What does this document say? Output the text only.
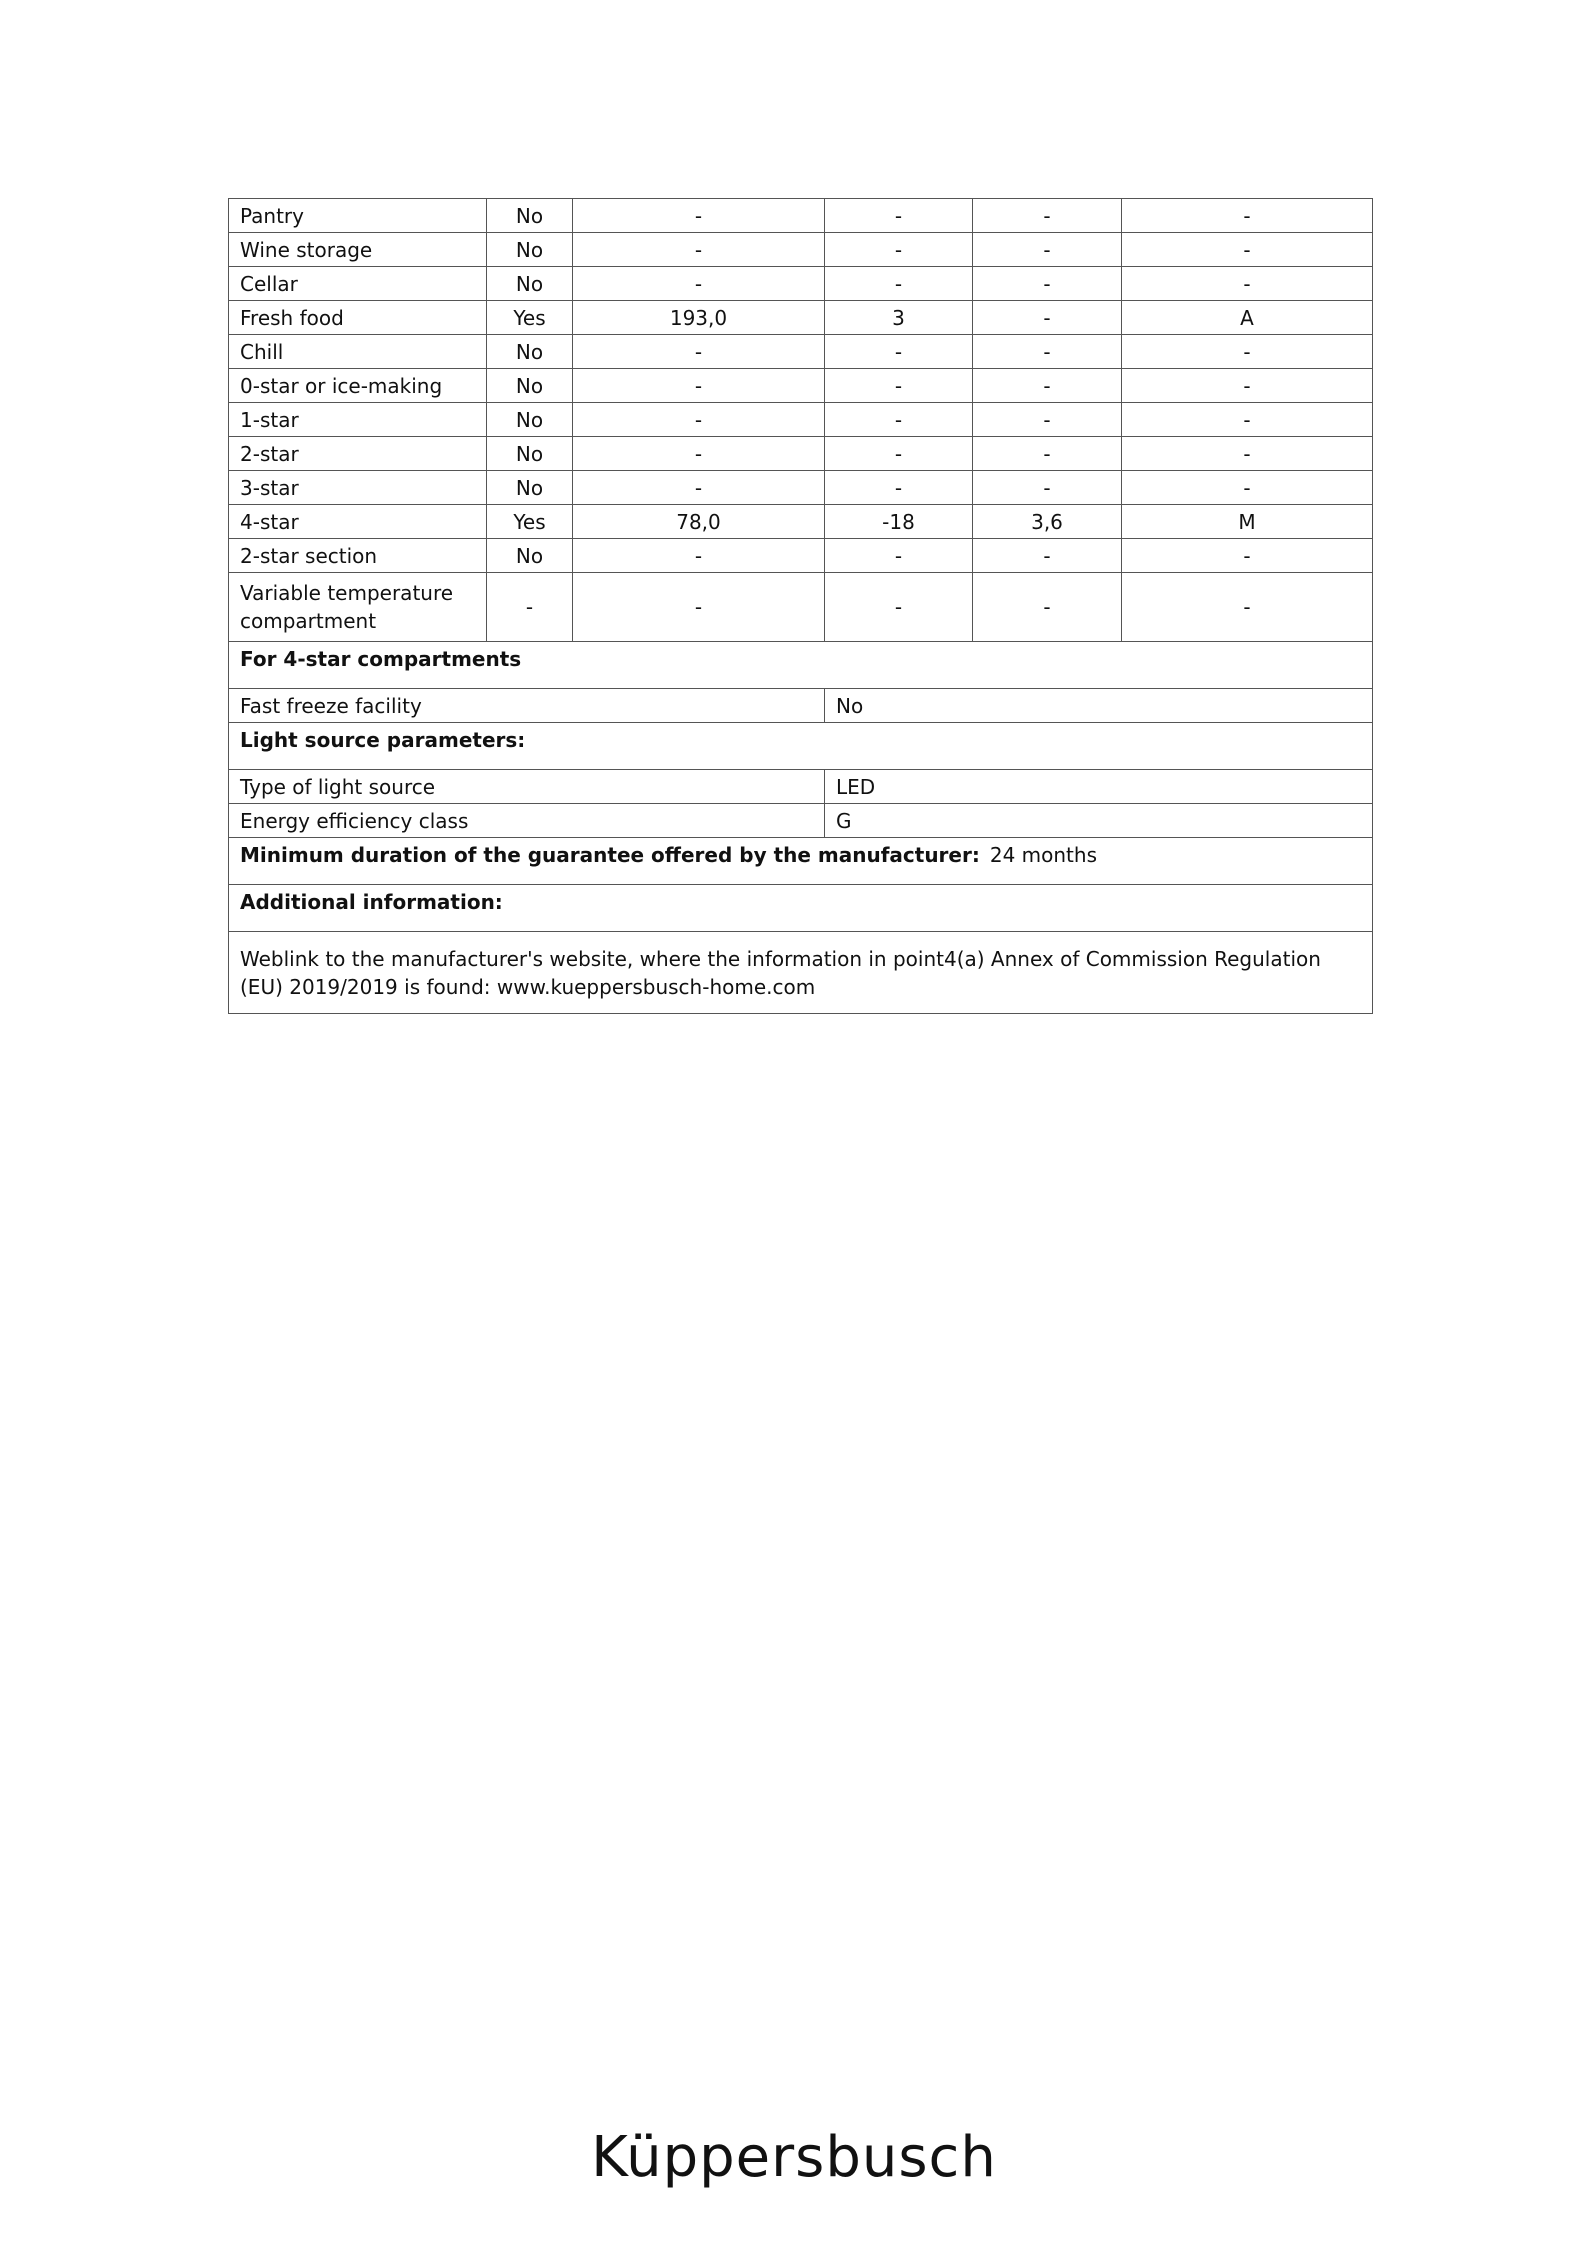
Pantry	No	-	-	-	-
Wine storage	No	-	-	-	-
Cellar	No	-	-	-	-
Fresh food	Yes	193,0	3	-	A
Chill	No	-	-	-	-
0-star or ice-making	No	-	-	-	-
1-star	No	-	-	-	-
2-star	No	-	-	-	-
3-star	No	-	-	-	-
4-star	Yes	78,0	-18	3,6	M
2-star section	No	-	-	-	-
Variable temperature compartment	-	-	-	-	-
For 4-star compartments					
Fast freeze facility			No		
Light source parameters:					
Type of light source			LED		
Energy efficiency class			G		
Minimum duration of the guarantee offered by the manufacturer: 24 months					
Additional information:					
Weblink to the manufacturer's website, where the information in point4(a) Annex of Commission Regulation (EU) 2019/2019 is found: www.kueppersbusch-home.com					
Küppersbusch
